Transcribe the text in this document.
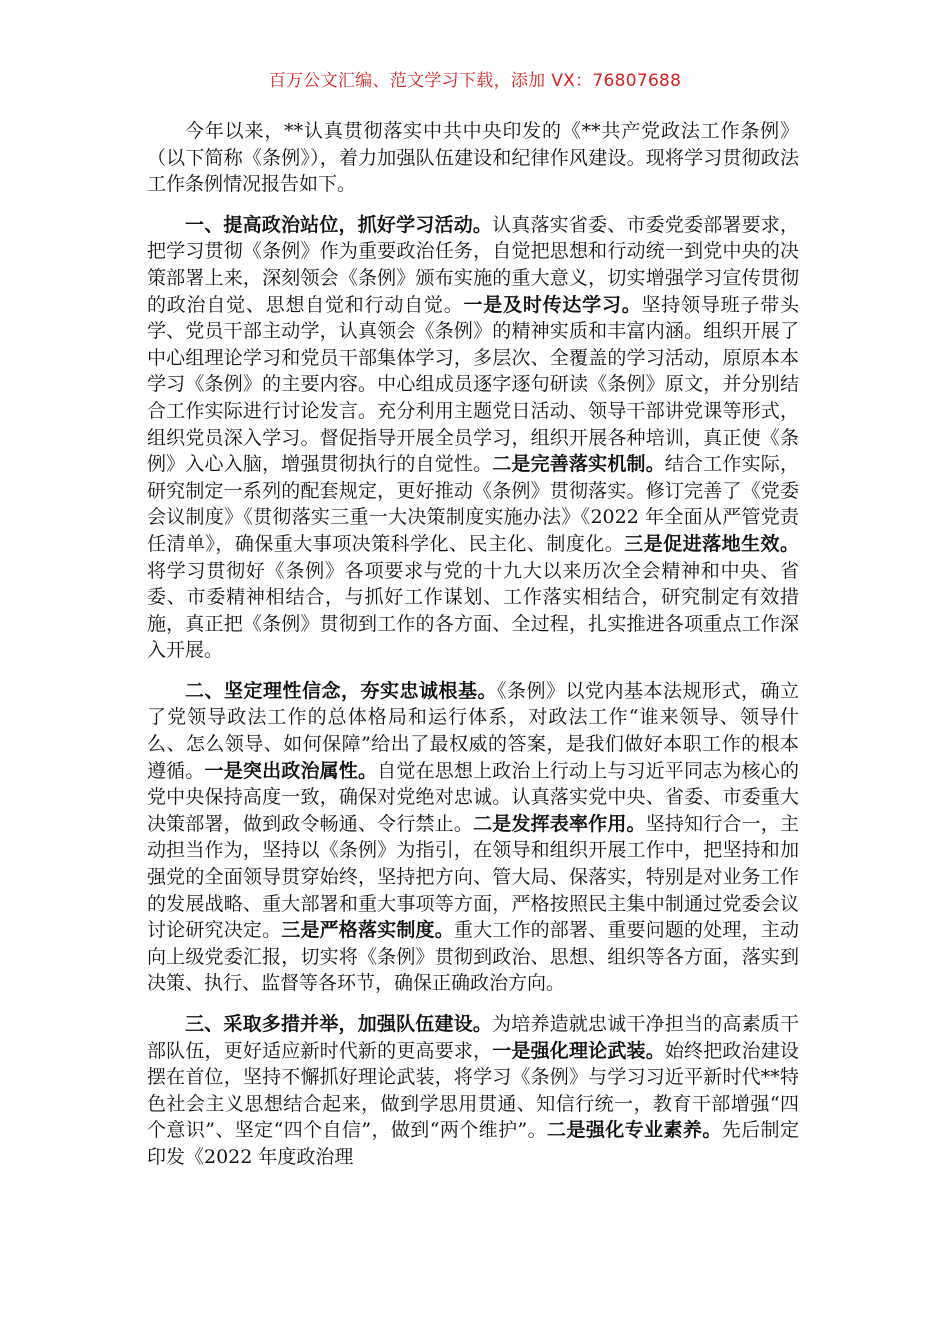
百万公文汇编、范文学习下载，添加 VX：76807688

今年以来，**认真贯彻落实中共中央印发的《**共产党政法工作条例》（以下简称《条例》），着力加强队伍建设和纪律作风建设。现将学习贯彻政法工作条例情况报告如下。

一、提高政治站位，抓好学习活动。认真落实省委、市委党委部署要求，把学习贯彻《条例》作为重要政治任务，自觉把思想和行动统一到党中央的决策部署上来，深刻领会《条例》颁布实施的重大意义，切实增强学习宣传贯彻的政治自觉、思想自觉和行动自觉。一是及时传达学习。坚持领导班子带头学、党员干部主动学，认真领会《条例》的精神实质和丰富内涵。组织开展了中心组理论学习和党员干部集体学习，多层次、全覆盖的学习活动，原原本本学习《条例》的主要内容。中心组成员逐字逐句研读《条例》原文，并分别结合工作实际进行讨论发言。充分利用主题党日活动、领导干部讲党课等形式，组织党员深入学习。督促指导开展全员学习，组织开展各种培训，真正使《条例》入心入脑，增强贯彻执行的自觉性。二是完善落实机制。结合工作实际，研究制定一系列的配套规定，更好推动《条例》贯彻落实。修订完善了《党委会议制度》《贯彻落实三重一大决策制度实施办法》《2022 年全面从严管党责任清单》，确保重大事项决策科学化、民主化、制度化。三是促进落地生效。将学习贯彻好《条例》各项要求与党的十九大以来历次全会精神和中央、省委、市委精神相结合，与抓好工作谋划、工作落实相结合，研究制定有效措施，真正把《条例》贯彻到工作的各方面、全过程，扎实推进各项重点工作深入开展。

二、坚定理性信念，夯实忠诚根基。《条例》以党内基本法规形式，确立了党领导政法工作的总体格局和运行体系，对政法工作“谁来领导、领导什么、怎么领导、如何保障”给出了最权威的答案，是我们做好本职工作的根本遵循。一是突出政治属性。自觉在思想上政治上行动上与习近平同志为核心的党中央保持高度一致，确保对党绝对忠诚。认真落实党中央、省委、市委重大决策部署，做到政令畅通、令行禁止。二是发挥表率作用。坚持知行合一，主动担当作为，坚持以《条例》为指引，在领导和组织开展工作中，把坚持和加强党的全面领导贯穿始终，坚持把方向、管大局、保落实，特别是对业务工作的发展战略、重大部署和重大事项等方面，严格按照民主集中制通过党委会议讨论研究决定。三是严格落实制度。重大工作的部署、重要问题的处理，主动向上级党委汇报，切实将《条例》贯彻到政治、思想、组织等各方面，落实到决策、执行、监督等各环节，确保正确政治方向。

三、采取多措并举，加强队伍建设。为培养造就忠诚干净担当的高素质干部队伍，更好适应新时代新的更高要求，一是强化理论武装。始终把政治建设摆在首位，坚持不懈抓好理论武装，将学习《条例》与学习习近平新时代**特色社会主义思想结合起来，做到学思用贯通、知信行统一，教育干部增强“四个意识”、坚定“四个自信”，做到“两个维护”。二是强化专业素养。先后制定印发《2022 年度政治理
